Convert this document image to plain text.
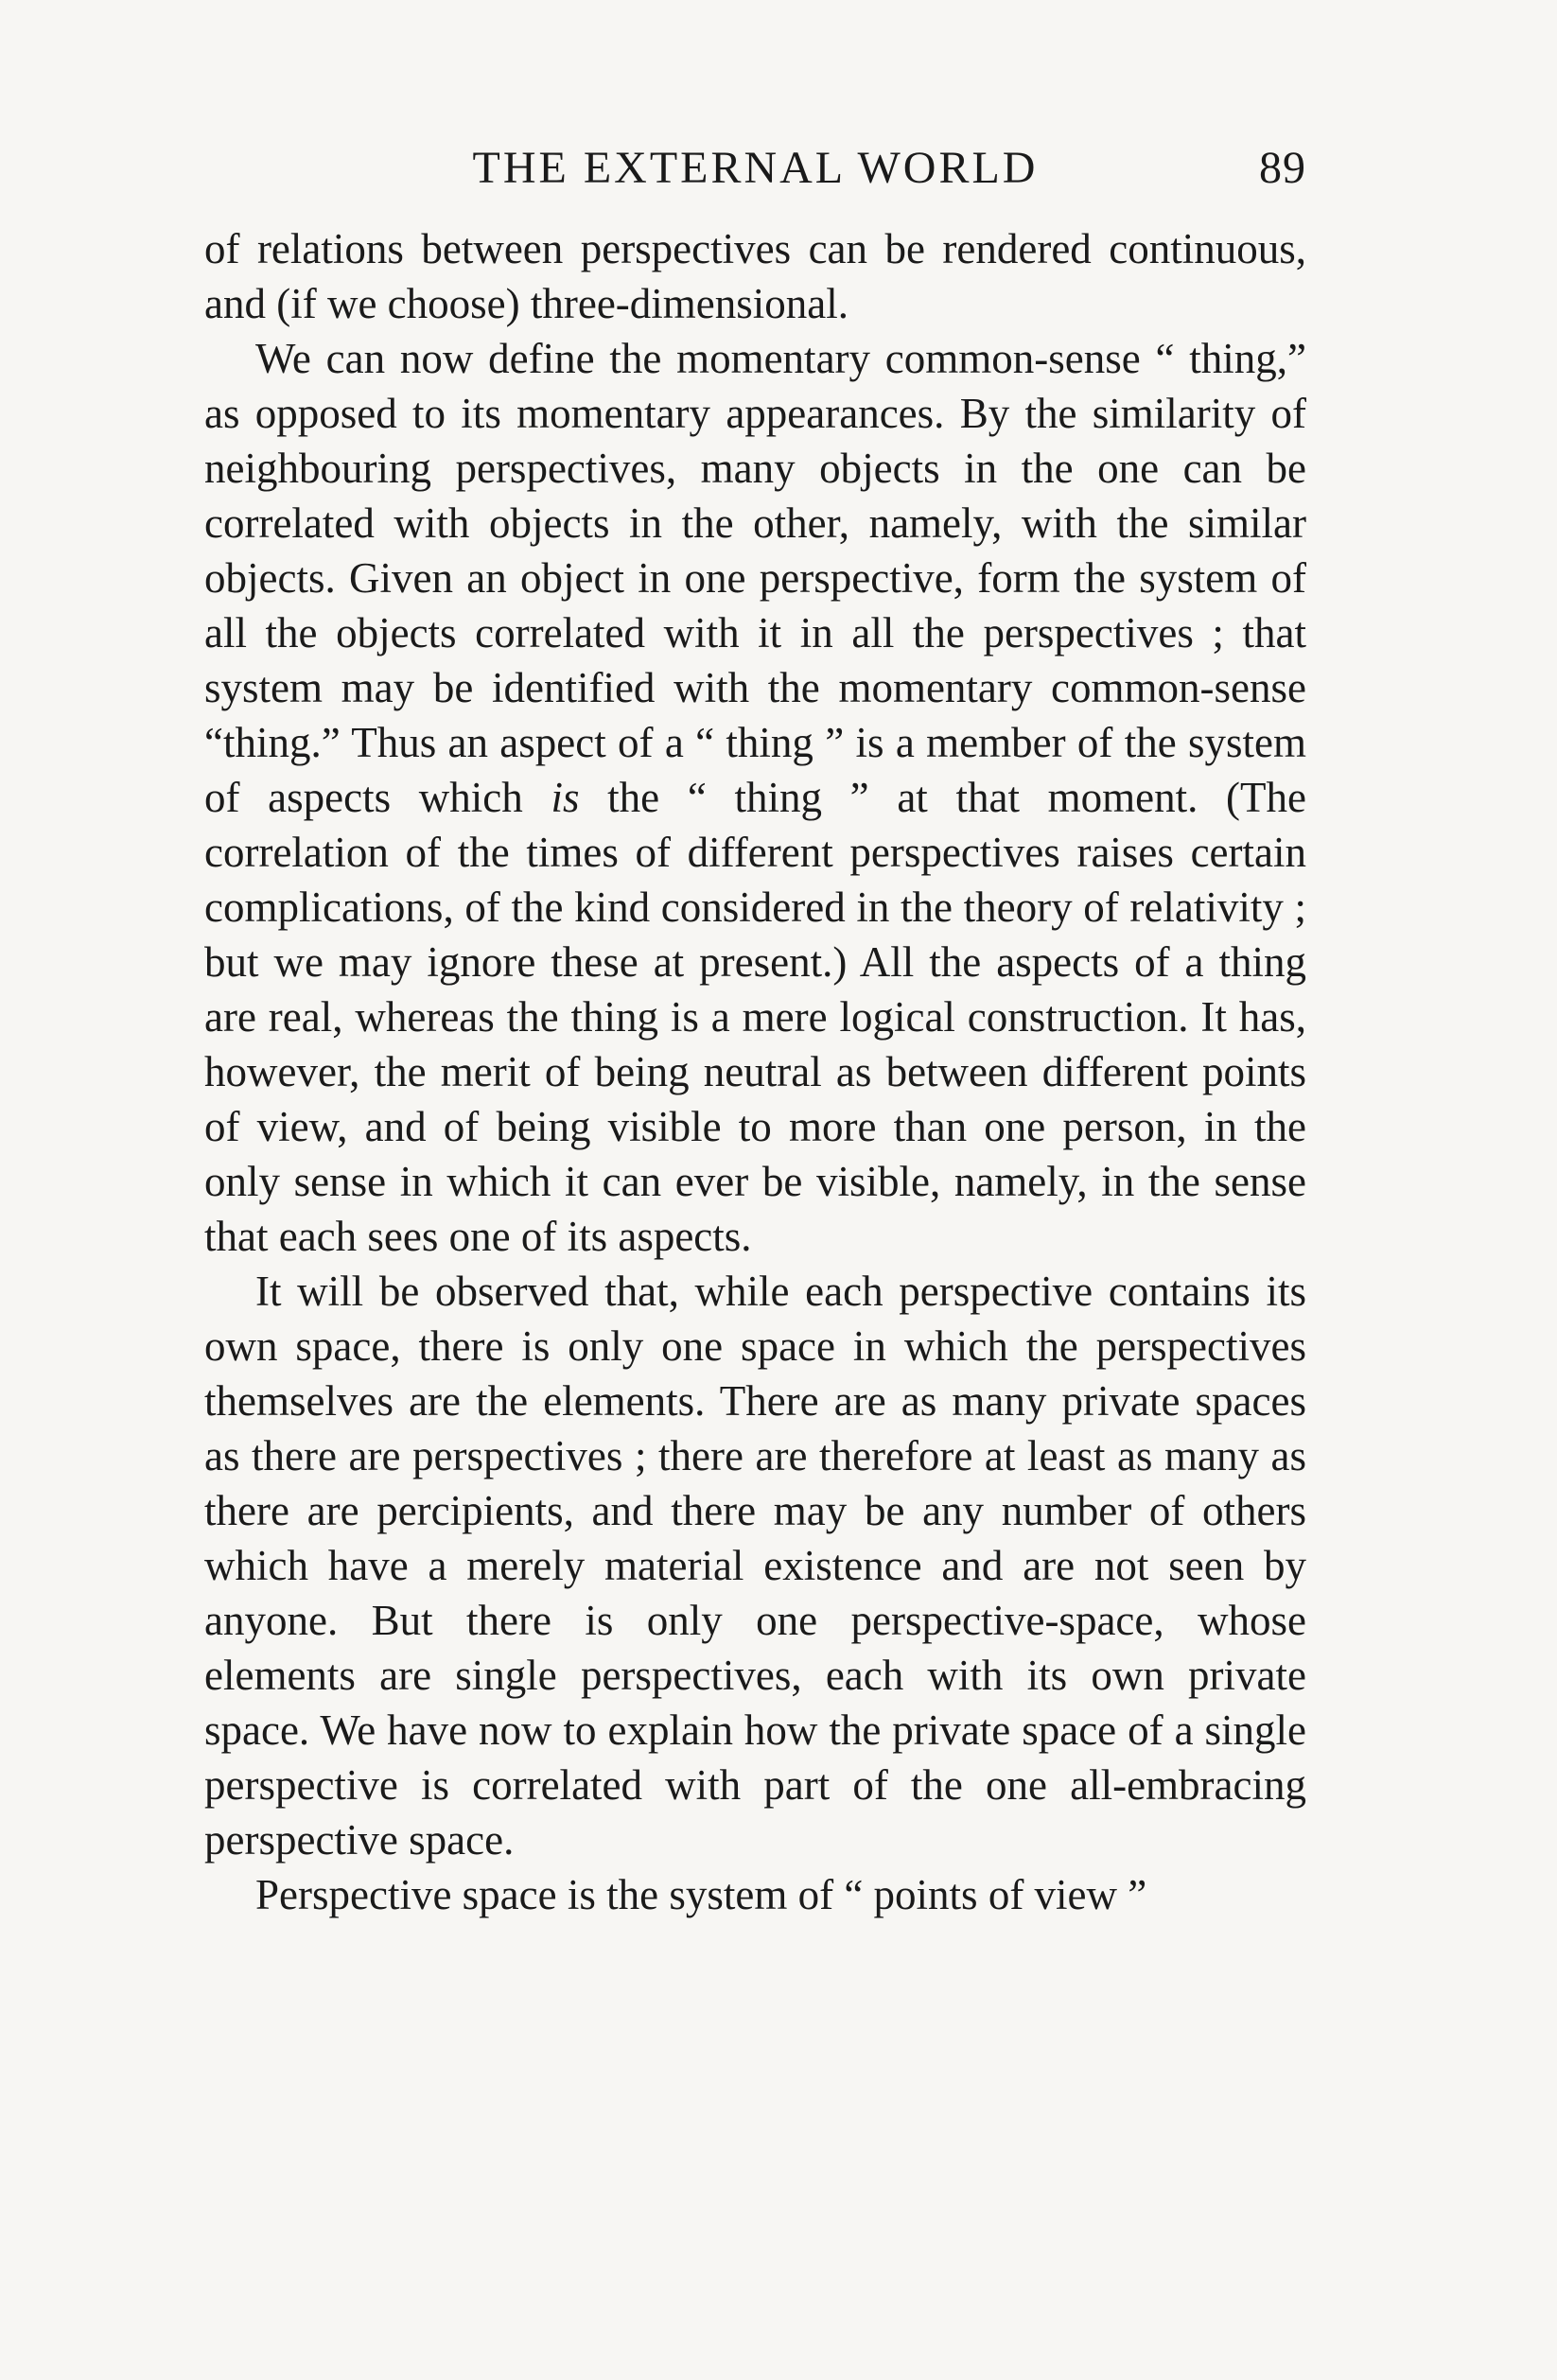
THE EXTERNAL WORLD	89

of relations between perspectives can be rendered continuous, and (if we choose) three-dimensional.

We can now define the momentary common-sense “ thing,” as opposed to its momentary appearances. By the similarity of neighbouring perspectives, many objects in the one can be correlated with objects in the other, namely, with the similar objects. Given an object in one perspective, form the system of all the objects correlated with it in all the perspectives ; that system may be identified with the momentary common-sense “thing.” Thus an aspect of a “ thing ” is a member of the system of aspects which is the “ thing ” at that moment. (The correlation of the times of different perspectives raises certain complications, of the kind considered in the theory of relativity ; but we may ignore these at present.) All the aspects of a thing are real, whereas the thing is a mere logical construction. It has, however, the merit of being neutral as between different points of view, and of being visible to more than one person, in the only sense in which it can ever be visible, namely, in the sense that each sees one of its aspects.

It will be observed that, while each perspective contains its own space, there is only one space in which the perspectives themselves are the elements. There are as many private spaces as there are perspectives ; there are therefore at least as many as there are percipients, and there may be any number of others which have a merely material existence and are not seen by anyone. But there is only one perspective-space, whose elements are single perspectives, each with its own private space. We have now to explain how the private space of a single perspective is correlated with part of the one all-embracing perspective space.

Perspective space is the system of “ points of view ”
